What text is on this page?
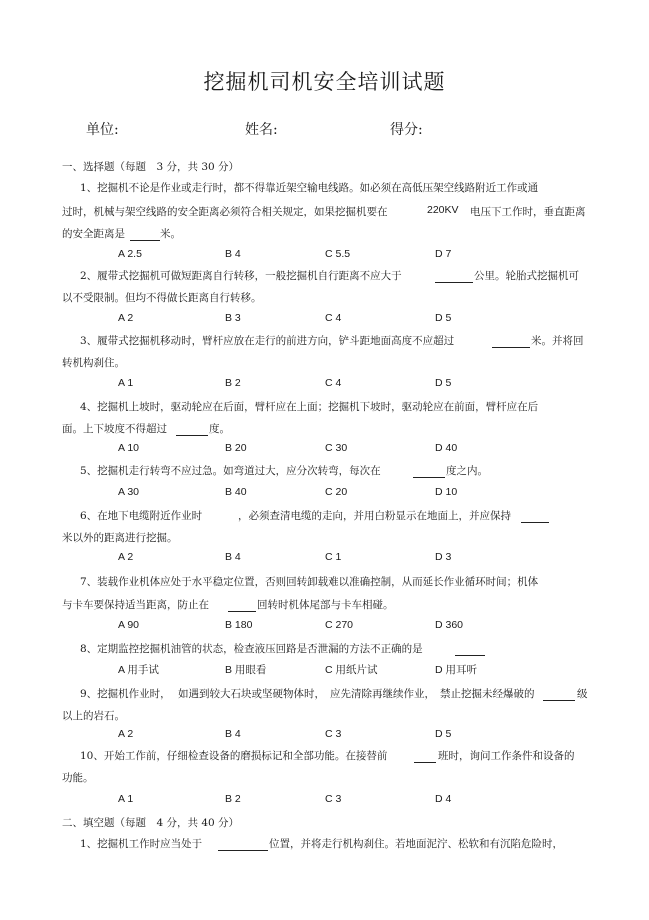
挖掘机司机安全培训试题
单位:	姓名:	得分:
一、选择题（每题　3 分，共 30 分）
1、挖掘机不论是作业或走行时，都不得靠近架空输电线路。如必须在高低压架空线路附近工作或通
过时，机械与架空线路的安全距离必须符合相关规定，如果挖掘机要在	220KV 电压下工作时，垂直距离
的安全距离是	米。
A 2.5	B 4	C 5.5	D 7
2、履带式挖掘机可做短距离自行转移，一般挖掘机自行距离不应大于	公里。轮胎式挖掘机可
以不受限制。但均不得做长距离自行转移。
A 2	B 3	C 4	D 5
3、履带式挖掘机移动时，臂杆应放在走行的前进方向，铲斗距地面高度不应超过	米。并将回
转机构刹住。
A 1	B 2	C 4	D 5
4、挖掘机上坡时，驱动轮应在后面，臂杆应在上面；挖掘机下坡时，驱动轮应在前面，臂杆应在后
面。上下坡度不得超过	度。
A 10	B 20	C 30	D 40
5、挖掘机走行转弯不应过急。如弯道过大，应分次转弯，每次在	度之内。
A 30	B 40	C 20	D 10
6、在地下电缆附近作业时	，必须查清电缆的走向，并用白粉显示在地面上，并应保持
米以外的距离进行挖掘。
A 2	B 4	C 1	D 3
7、装载作业机体应处于水平稳定位置，否则回转卸载难以准确控制，从而延长作业循环时间；机体
与卡车要保持适当距离，防止在	回转时机体尾部与卡车相碰。
A 90	B 180	C 270	D 360
8、定期监控挖掘机油管的状态，检查液压回路是否泄漏的方法不正确的是
A 用手试	B 用眼看	C 用纸片试	D 用耳听
9、挖掘机作业时， 如遇到较大石块或坚硬物体时， 应先清除再继续作业， 禁止挖掘未经爆破的	级
以上的岩石。
A 2	B 4	C 3	D 5
10、开始工作前，仔细检查设备的磨损标记和全部功能。在接替前	班时，询问工作条件和设备的
功能。
A 1	B 2	C 3	D 4
二、填空题（每题　4 分，共 40 分）
1、挖掘机工作时应当处于	位置，并将走行机构刹住。若地面泥泞、松软和有沉陷危险时，
